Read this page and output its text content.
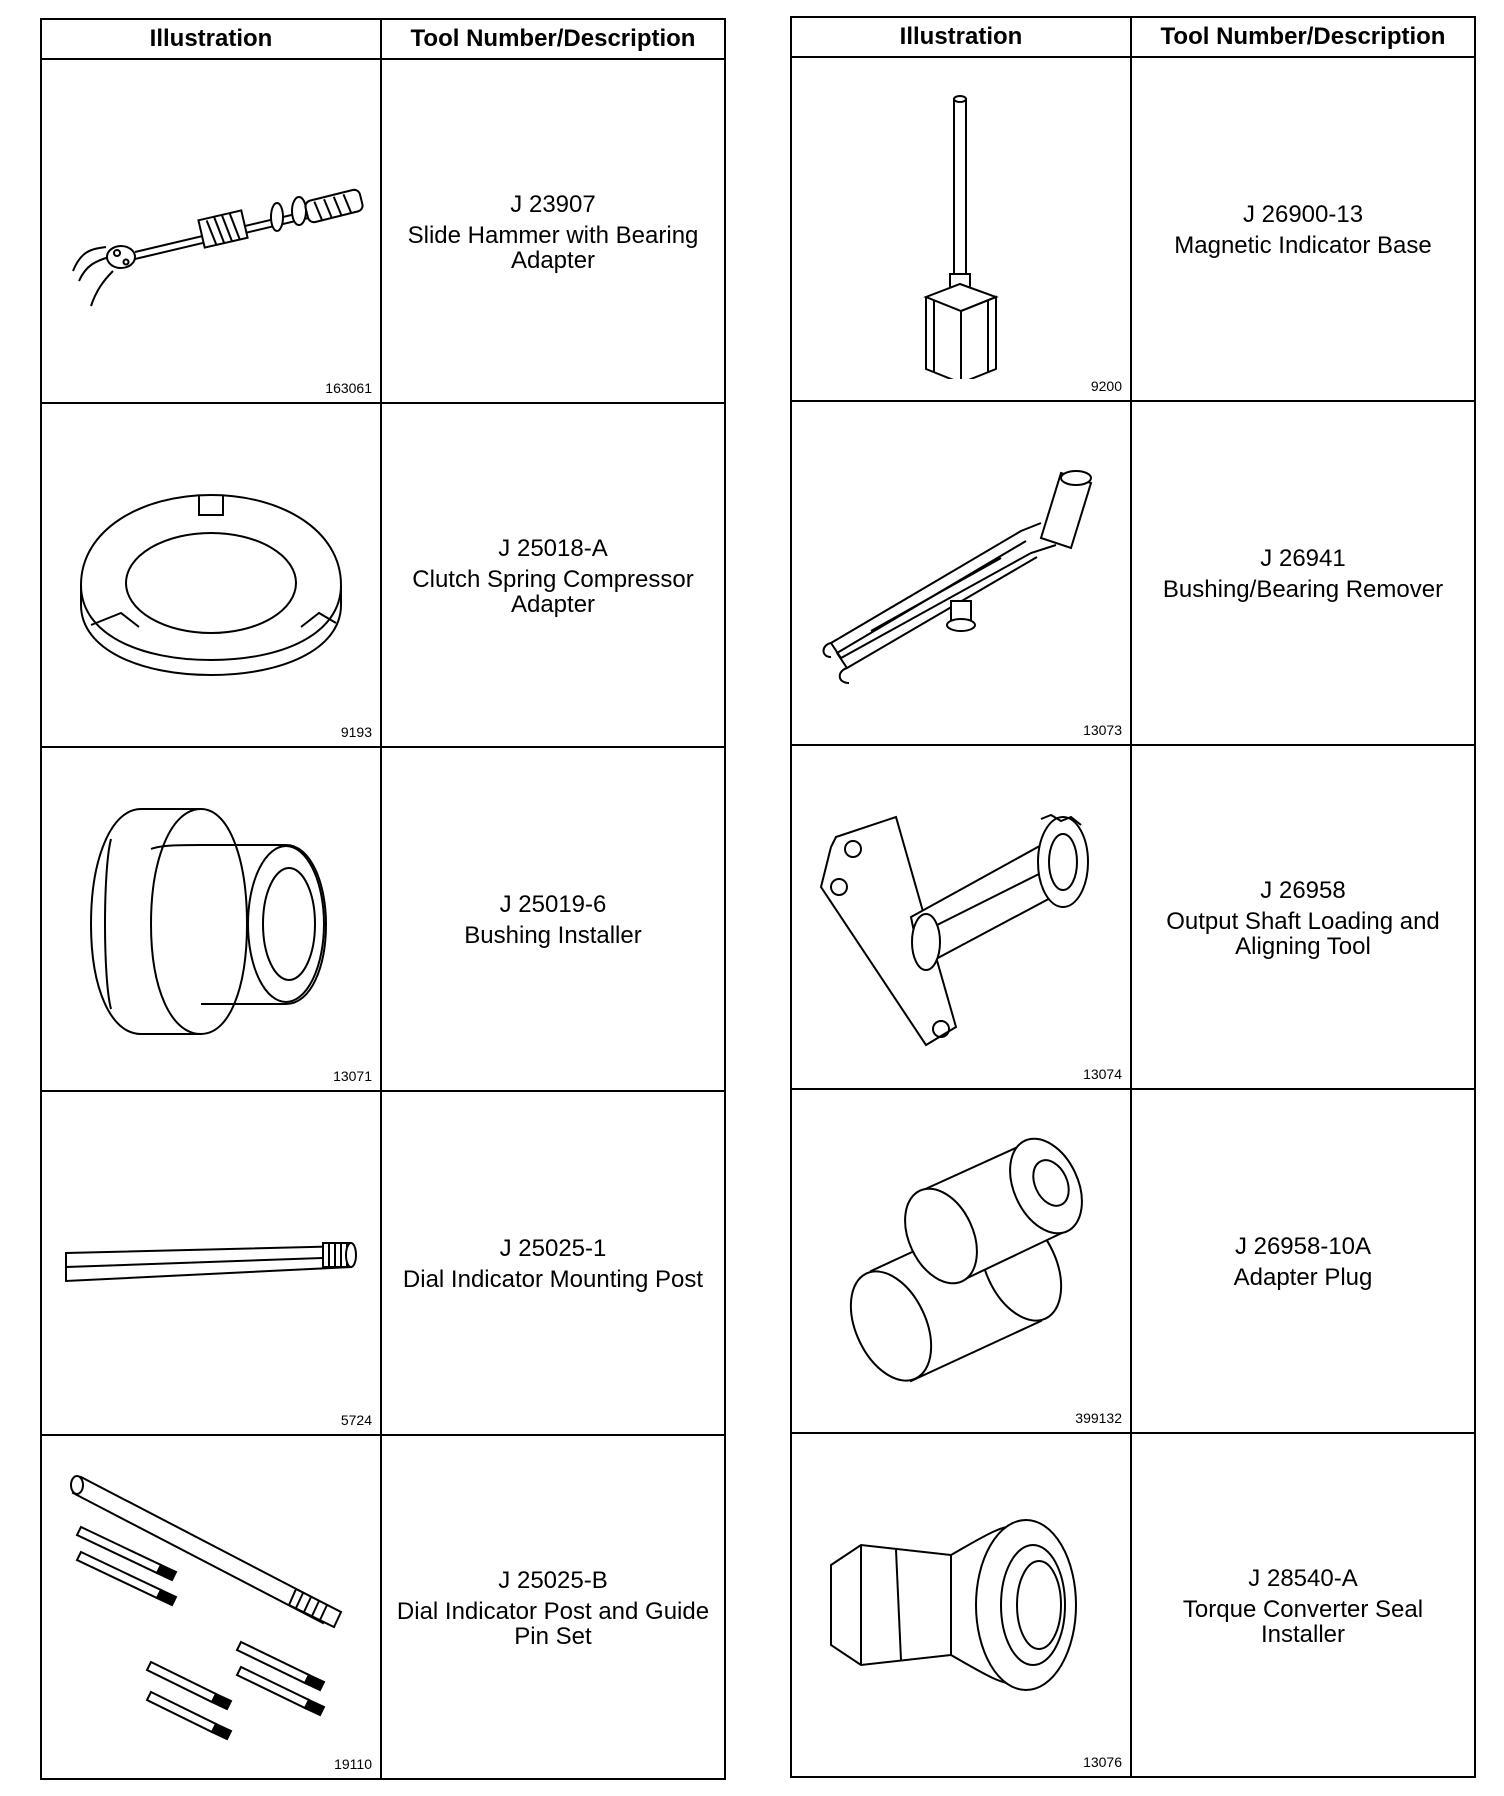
Illustration	Tool Number/Description

163061	J 23907
Slide Hammer with Bearing Adapter

9193	J 25018-A
Clutch Spring Compressor Adapter

13071	J 25019-6
Bushing Installer

5724	J 25025-1
Dial Indicator Mounting Post

19110	J 25025-B
Dial Indicator Post and Guide Pin Set
Illustration	Tool Number/Description

9200	J 26900-13
Magnetic Indicator Base

13073	J 26941
Bushing/Bearing Remover

13074	J 26958
Output Shaft Loading and Aligning Tool

399132	J 26958-10A
Adapter Plug

13076	J 28540-A
Torque Converter Seal Installer
